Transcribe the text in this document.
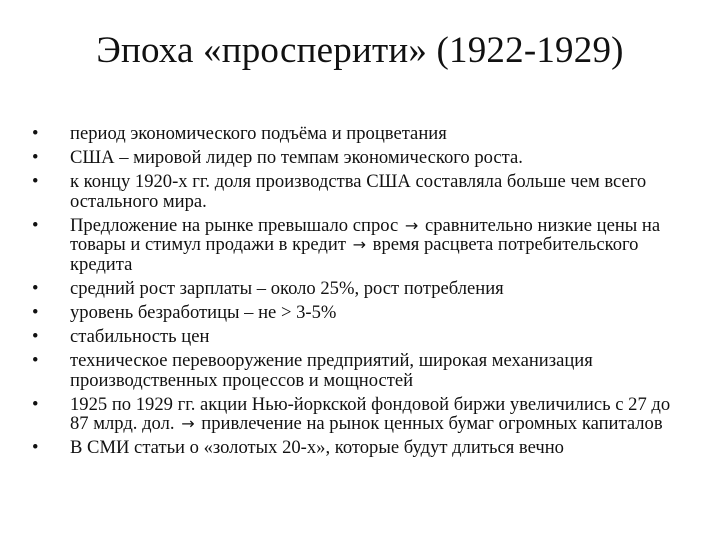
Эпоха «просперити» (1922-1929)
•	период экономического подъёма и процветания
•	США – мировой лидер по темпам экономического роста.
•	к концу 1920-х гг. доля производства США составляла больше чем всего остального мира.
•	Предложение на рынке превышало спрос → сравнительно низкие цены на товары и стимул продажи в кредит → время расцвета потребительского кредита
•	средний рост зарплаты – около 25%, рост потребления
•	уровень безработицы – не > 3-5%
•	стабильность цен
•	техническое перевооружение предприятий, широкая механизация производственных процессов и мощностей
•	1925 по 1929 гг. акции Нью-йоркской фондовой биржи увеличились с 27 до 87 млрд. дол. → привлечение на рынок ценных бумаг огромных капиталов
•	В СМИ статьи о «золотых 20-х», которые будут длиться вечно
